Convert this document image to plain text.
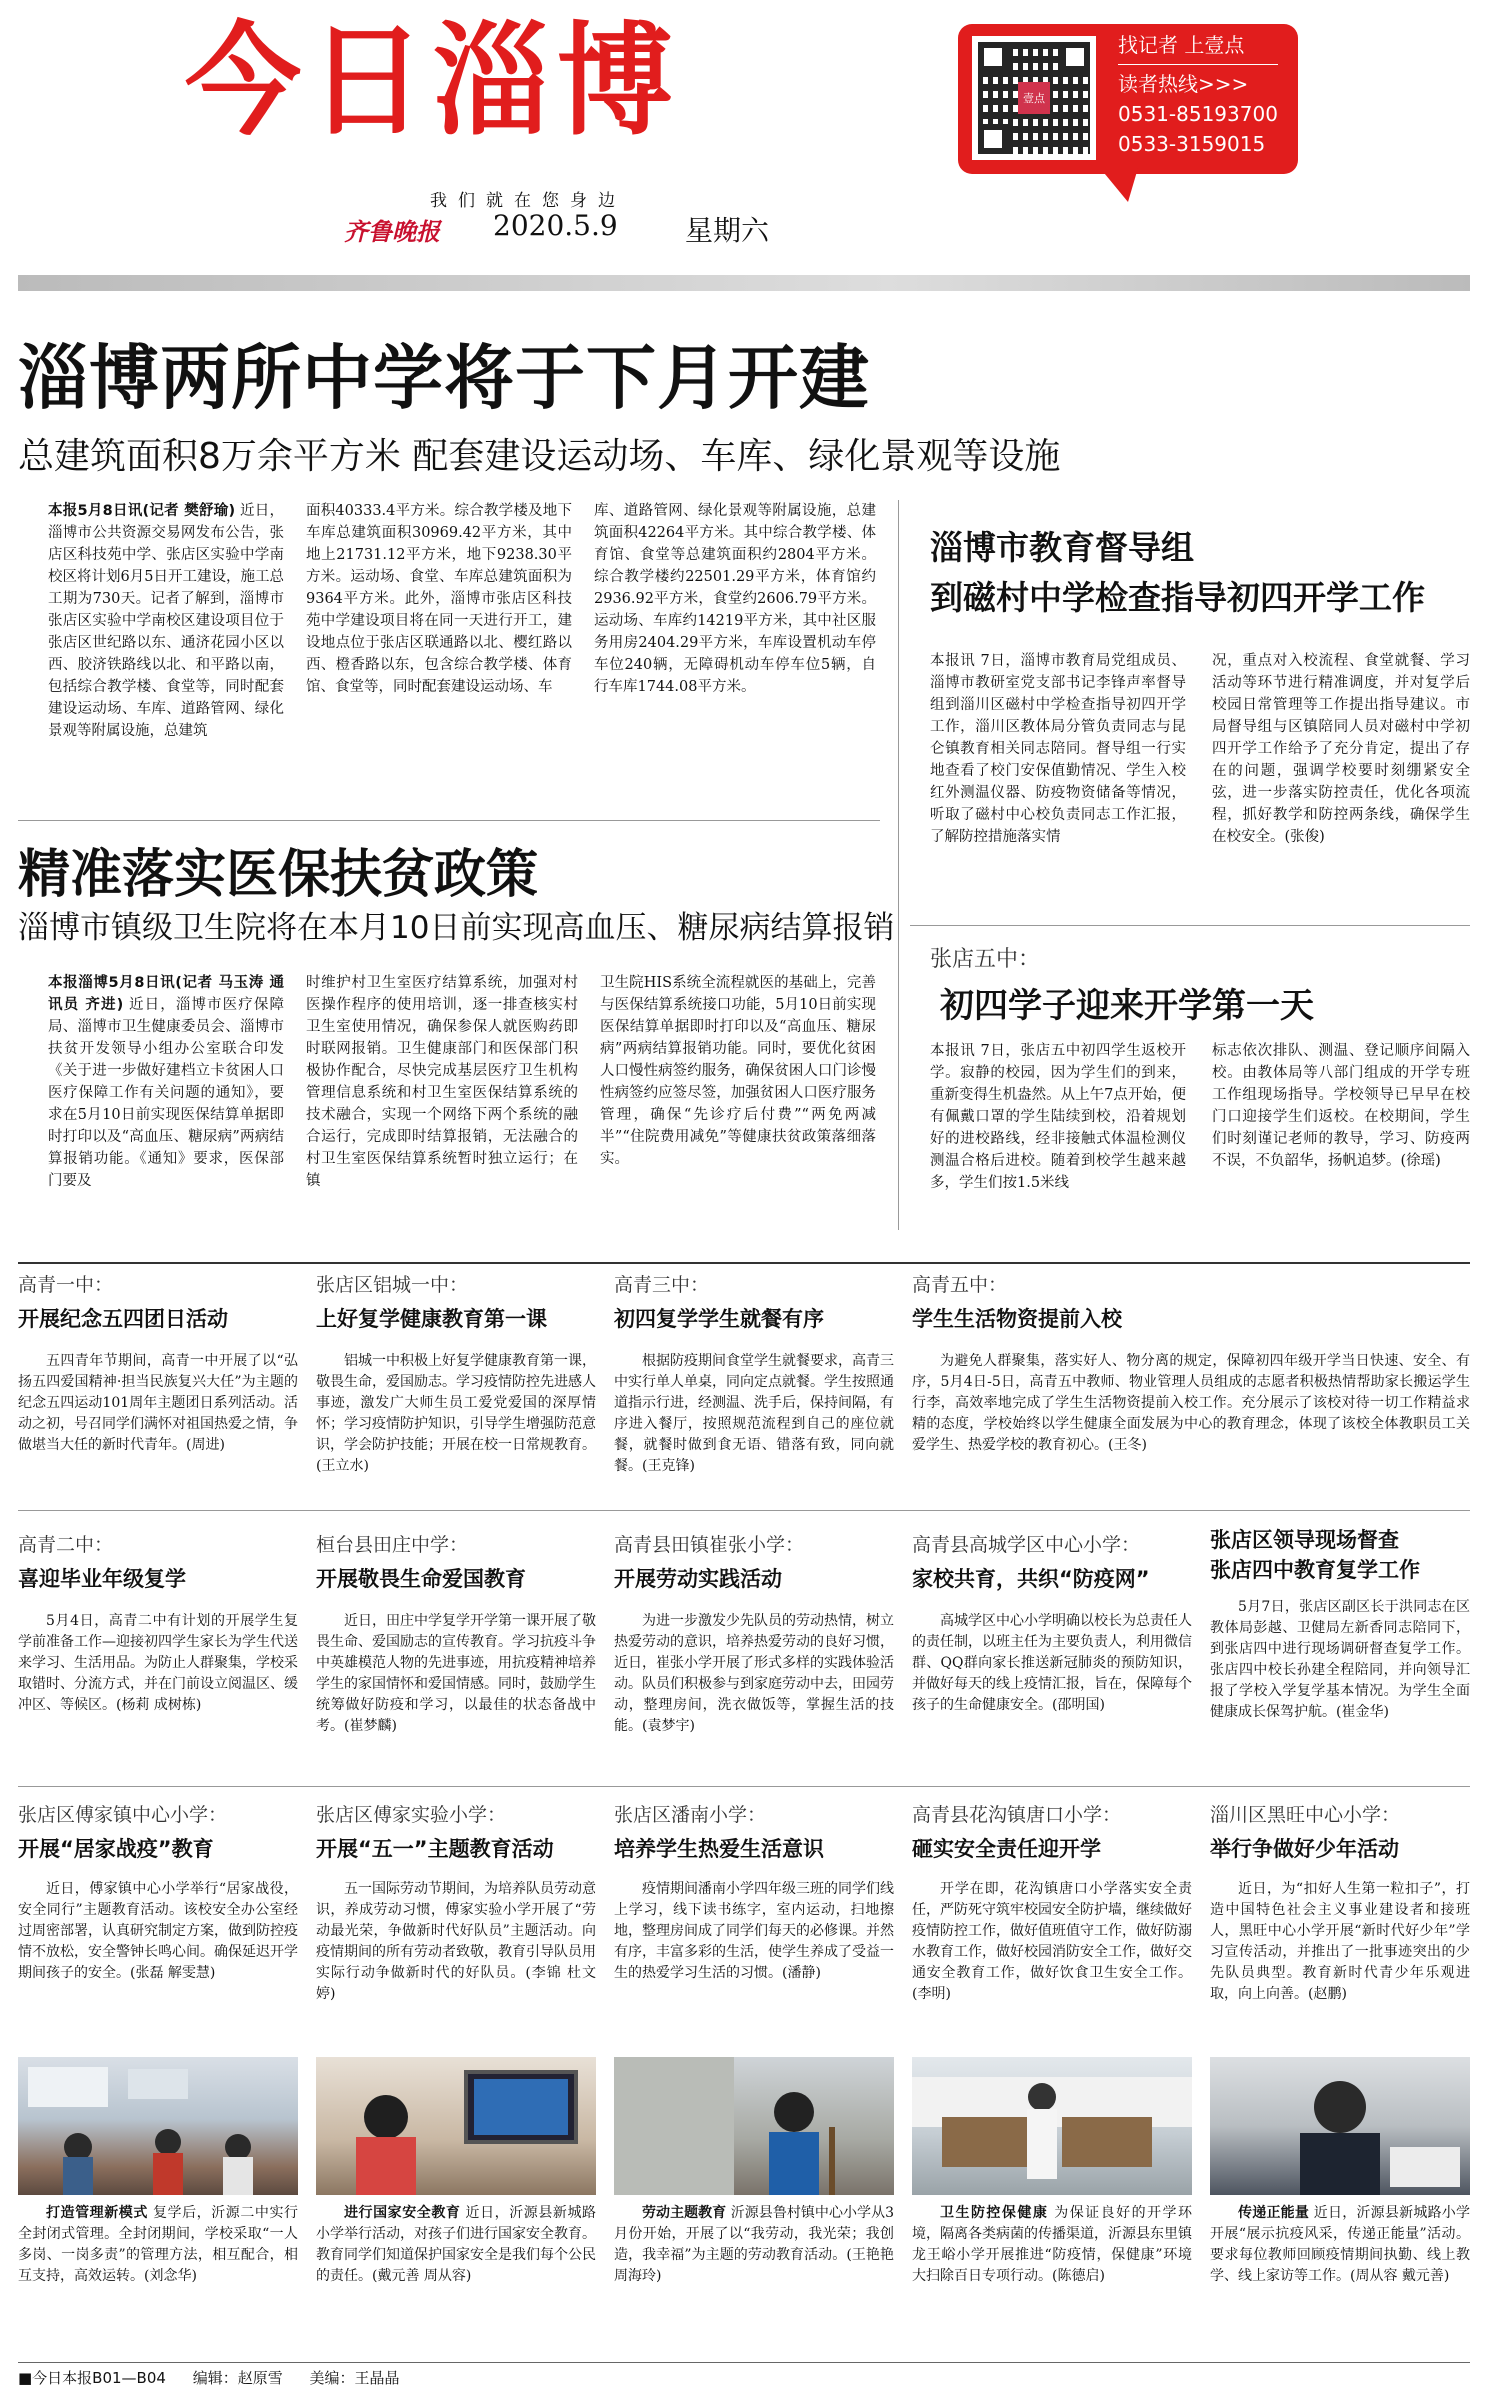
今日淄博
我们就在您身边
齐鲁晚报 2020.5.9 星期六
壹点
找记者 上壹点
读者热线>>>
0531-85193700
0533-3159015
淄博两所中学将于下月开建
总建筑面积8万余平方米 配套建设运动场、车库、绿化景观等设施
本报5月8日讯(记者 樊舒瑜) 近日，淄博市公共资源交易网发布公告，张店区科技苑中学、张店区实验中学南校区将计划6月5日开工建设，施工总工期为730天。记者了解到，淄博市张店区实验中学南校区建设项目位于张店区世纪路以东、通济花园小区以西、胶济铁路线以北、和平路以南，包括综合教学楼、食堂等，同时配套建设运动场、车库、道路管网、绿化景观等附属设施，总建筑
面积40333.4平方米。综合教学楼及地下车库总建筑面积30969.42平方米，其中地上21731.12平方米，地下9238.30平方米。运动场、食堂、车库总建筑面积为9364平方米。此外，淄博市张店区科技苑中学建设项目将在同一天进行开工，建设地点位于张店区联通路以北、樱红路以西、橙香路以东，包含综合教学楼、体育馆、食堂等，同时配套建设运动场、车
库、道路管网、绿化景观等附属设施，总建筑面积42264平方米。其中综合教学楼、体育馆、食堂等总建筑面积约2804平方米。综合教学楼约22501.29平方米，体育馆约2936.92平方米，食堂约2606.79平方米。运动场、车库约14219平方米，其中社区服务用房2404.29平方米，车库设置机动车停车位240辆，无障碍机动车停车位5辆，自行车库1744.08平方米。
淄博市教育督导组
到磁村中学检查指导初四开学工作
本报讯 7日，淄博市教育局党组成员、淄博市教研室党支部书记李锋声率督导组到淄川区磁村中学检查指导初四开学工作，淄川区教体局分管负责同志与昆仑镇教育相关同志陪同。督导组一行实地查看了校门安保值勤情况、学生入校红外测温仪器、防疫物资储备等情况，听取了磁村中心校负责同志工作汇报，了解防控措施落实情
况，重点对入校流程、食堂就餐、学习活动等环节进行精准调度，并对复学后校园日常管理等工作提出指导建议。市局督导组与区镇陪同人员对磁村中学初四开学工作给予了充分肯定，提出了存在的问题，强调学校要时刻绷紧安全弦，进一步落实防控责任，优化各项流程，抓好教学和防控两条线，确保学生在校安全。(张俊)
精准落实医保扶贫政策
淄博市镇级卫生院将在本月10日前实现高血压、糖尿病结算报销
本报淄博5月8日讯(记者 马玉涛 通讯员 齐进) 近日，淄博市医疗保障局、淄博市卫生健康委员会、淄博市扶贫开发领导小组办公室联合印发《关于进一步做好建档立卡贫困人口医疗保障工作有关问题的通知》，要求在5月10日前实现医保结算单据即时打印以及“高血压、糖尿病”两病结算报销功能。《通知》要求，医保部门要及
时维护村卫生室医疗结算系统，加强对村医操作程序的使用培训，逐一排查核实村卫生室使用情况，确保参保人就医购药即时联网报销。卫生健康部门和医保部门积极协作配合，尽快完成基层医疗卫生机构管理信息系统和村卫生室医保结算系统的技术融合，实现一个网络下两个系统的融合运行，完成即时结算报销，无法融合的村卫生室医保结算系统暂时独立运行；在镇
卫生院HIS系统全流程就医的基础上，完善与医保结算系统接口功能，5月10日前实现医保结算单据即时打印以及“高血压、糖尿病”两病结算报销功能。同时，要优化贫困人口慢性病签约服务，确保贫困人口门诊慢性病签约应签尽签，加强贫困人口医疗服务管理，确保“先诊疗后付费”“两免两减半”“住院费用减免”等健康扶贫政策落细落实。
张店五中：
初四学子迎来开学第一天
本报讯 7日，张店五中初四学生返校开学。寂静的校园，因为学生们的到来，重新变得生机盎然。从上午7点开始，便有佩戴口罩的学生陆续到校，沿着规划好的进校路线，经非接触式体温检测仪测温合格后进校。随着到校学生越来越多，学生们按1.5米线
标志依次排队、测温、登记顺序间隔入校。由教体局等八部门组成的开学专班工作组现场指导。学校领导已早早在校门口迎接学生们返校。在校期间，学生们时刻谨记老师的教导，学习、防疫两不误，不负韶华，扬帆追梦。(徐瑶)
高青一中：
开展纪念五四团日活动
五四青年节期间，高青一中开展了以“弘扬五四爱国精神·担当民族复兴大任”为主题的纪念五四运动101周年主题团日系列活动。活动之初，号召同学们满怀对祖国热爱之情，争做堪当大任的新时代青年。(周进)
张店区铝城一中：
上好复学健康教育第一课
铝城一中积极上好复学健康教育第一课，敬畏生命，爱国励志。学习疫情防控先进感人事迹，激发广大师生员工爱党爱国的深厚情怀；学习疫情防护知识，引导学生增强防范意识，学会防护技能；开展在校一日常规教育。(王立水)
高青三中：
初四复学学生就餐有序
根据防疫期间食堂学生就餐要求，高青三中实行单人单桌，同向定点就餐。学生按照通道指示行进，经测温、洗手后，保持间隔，有序进入餐厅，按照规范流程到自己的座位就餐，就餐时做到食无语、错落有致，同向就餐。(王克锋)
高青五中：
学生生活物资提前入校
为避免人群聚集，落实好人、物分离的规定，保障初四年级开学当日快速、安全、有序，5月4日-5日，高青五中教师、物业管理人员组成的志愿者积极热情帮助家长搬运学生行李，高效率地完成了学生生活物资提前入校工作。充分展示了该校对待一切工作精益求精的态度，学校始终以学生健康全面发展为中心的教育理念，体现了该校全体教职员工关爱学生、热爱学校的教育初心。(王冬)
高青二中：
喜迎毕业年级复学
5月4日，高青二中有计划的开展学生复学前准备工作—迎接初四学生家长为学生代送来学习、生活用品。为防止人群聚集，学校采取错时、分流方式，并在门前设立阅温区、缓冲区、等候区。(杨莉 成树栋)
桓台县田庄中学：
开展敬畏生命爱国教育
近日，田庄中学复学开学第一课开展了敬畏生命、爱国励志的宣传教育。学习抗疫斗争中英雄模范人物的先进事迹，用抗疫精神培养学生的家国情怀和爱国情感。同时，鼓励学生统筹做好防疫和学习，以最佳的状态备战中考。(崔梦麟)
高青县田镇崔张小学：
开展劳动实践活动
为进一步激发少先队员的劳动热情，树立热爱劳动的意识，培养热爱劳动的良好习惯，近日，崔张小学开展了形式多样的实践体验活动。队员们积极参与到家庭劳动中去，田园劳动，整理房间，洗衣做饭等，掌握生活的技能。(袁梦宇)
高青县高城学区中心小学：
家校共育，共织“防疫网”
高城学区中心小学明确以校长为总责任人的责任制，以班主任为主要负责人，利用微信群、QQ群向家长推送新冠肺炎的预防知识，并做好每天的线上疫情汇报，旨在，保障每个孩子的生命健康安全。(邵明国)
张店区领导现场督查
张店四中教育复学工作
5月7日，张店区副区长于洪同志在区教体局彭越、卫健局左新香同志陪同下，到张店四中进行现场调研督查复学工作。张店四中校长孙建全程陪同，并向领导汇报了学校入学复学基本情况。为学生全面健康成长保驾护航。(崔金华)
张店区傅家镇中心小学：
开展“居家战疫”教育
近日，傅家镇中心小学举行“居家战役，安全同行”主题教育活动。该校安全办公室经过周密部署，认真研究制定方案，做到防控疫情不放松，安全警钟长鸣心间。确保延迟开学期间孩子的安全。(张磊 解雯慧)
张店区傅家实验小学：
开展“五一”主题教育活动
五一国际劳动节期间，为培养队员劳动意识，养成劳动习惯，傅家实验小学开展了“劳动最光荣，争做新时代好队员”主题活动。向疫情期间的所有劳动者致敬，教育引导队员用实际行动争做新时代的好队员。(李锦 杜文婷)
张店区潘南小学：
培养学生热爱生活意识
疫情期间潘南小学四年级三班的同学们线上学习，线下读书练字，室内运动，扫地擦地，整理房间成了同学们每天的必修课。并然有序，丰富多彩的生活，使学生养成了受益一生的热爱学习生活的习惯。(潘静)
高青县花沟镇唐口小学：
砸实安全责任迎开学
开学在即，花沟镇唐口小学落实安全责任，严防死守筑牢校园安全防护墙，继续做好疫情防控工作，做好值班值守工作，做好防溺水教育工作，做好校园消防安全工作，做好交通安全教育工作，做好饮食卫生安全工作。(李明)
淄川区黑旺中心小学：
举行争做好少年活动
近日，为“扣好人生第一粒扣子”，打造中国特色社会主义事业建设者和接班人，黑旺中心小学开展“新时代好少年”学习宣传活动，并推出了一批事迹突出的少先队员典型。教育新时代青少年乐观进取，向上向善。(赵鹏)
打造管理新模式 复学后，沂源二中实行全封闭式管理。全封闭期间，学校采取“一人多岗、一岗多责”的管理方法，相互配合，相互支持，高效运转。(刘念华)
进行国家安全教育 近日，沂源县新城路小学举行活动，对孩子们进行国家安全教育。教育同学们知道保护国家安全是我们每个公民的责任。(戴元善 周从容)
劳动主题教育 沂源县鲁村镇中心小学从3月份开始，开展了以“我劳动，我光荣；我创造，我幸福”为主题的劳动教育活动。(王艳艳 周海玲)
卫生防控保健康 为保证良好的开学环境，隔离各类病菌的传播渠道，沂源县东里镇龙王峪小学开展推进“防疫情，保健康”环境大扫除百日专项行动。(陈德启)
传递正能量 近日，沂源县新城路小学开展“展示抗疫风采，传递正能量”活动。要求每位教师回顾疫情期间执勤、线上教学、线上家访等工作。(周从容 戴元善)
■今日本报B01—B04 编辑：赵原雪 美编：王晶晶
